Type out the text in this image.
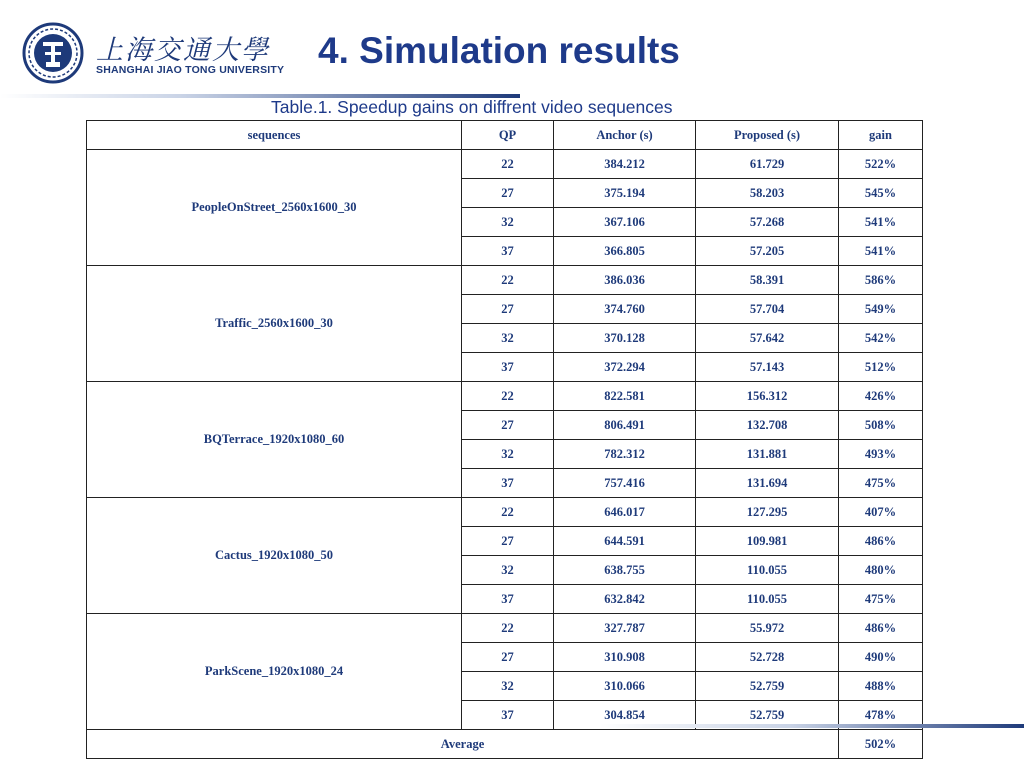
上海交通大學
SHANGHAI JIAO TONG UNIVERSITY 4. Simulation results
Table.1. Speedup gains on diffrent video sequences
sequences	QP	Anchor (s)	Proposed (s)	gain
PeopleOnStreet_2560x1600_30	22	384.212	61.729	522%
	27	375.194	58.203	545%
	32	367.106	57.268	541%
	37	366.805	57.205	541%
Traffic_2560x1600_30	22	386.036	58.391	586%
	27	374.760	57.704	549%
	32	370.128	57.642	542%
	37	372.294	57.143	512%
BQTerrace_1920x1080_60	22	822.581	156.312	426%
	27	806.491	132.708	508%
	32	782.312	131.881	493%
	37	757.416	131.694	475%
Cactus_1920x1080_50	22	646.017	127.295	407%
	27	644.591	109.981	486%
	32	638.755	110.055	480%
	37	632.842	110.055	475%
ParkScene_1920x1080_24	22	327.787	55.972	486%
	27	310.908	52.728	490%
	32	310.066	52.759	488%
	37	304.854	52.759	478%
Average				502%
